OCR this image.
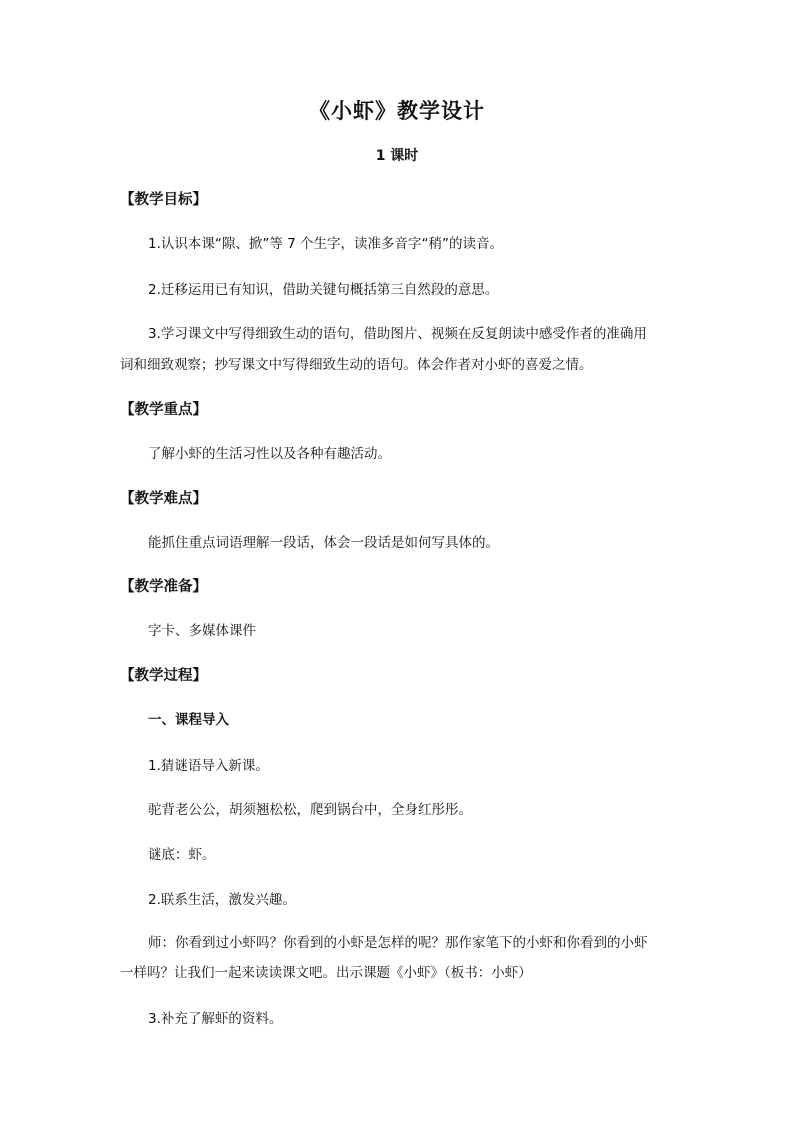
《小虾》教学设计
1 课时
【教学目标】
1.认识本课“隙、掀”等 7 个生字，读准多音字“稍”的读音。
2.迁移运用已有知识，借助关键句概括第三自然段的意思。
3.学习课文中写得细致生动的语句，借助图片、视频在反复朗读中感受作者的准确用
词和细致观察；抄写课文中写得细致生动的语句。体会作者对小虾的喜爱之情。
【教学重点】
了解小虾的生活习性以及各种有趣活动。
【教学难点】
能抓住重点词语理解一段话，体会一段话是如何写具体的。
【教学准备】
字卡、多媒体课件
【教学过程】
一、课程导入
1.猜谜语导入新课。
驼背老公公，胡须翘松松，爬到锅台中，全身红彤彤。
谜底：虾。
2.联系生活，激发兴趣。
师：你看到过小虾吗？你看到的小虾是怎样的呢？那作家笔下的小虾和你看到的小虾
一样吗？让我们一起来读读课文吧。出示课题《小虾》（板书：小虾）
3.补充了解虾的资料。
